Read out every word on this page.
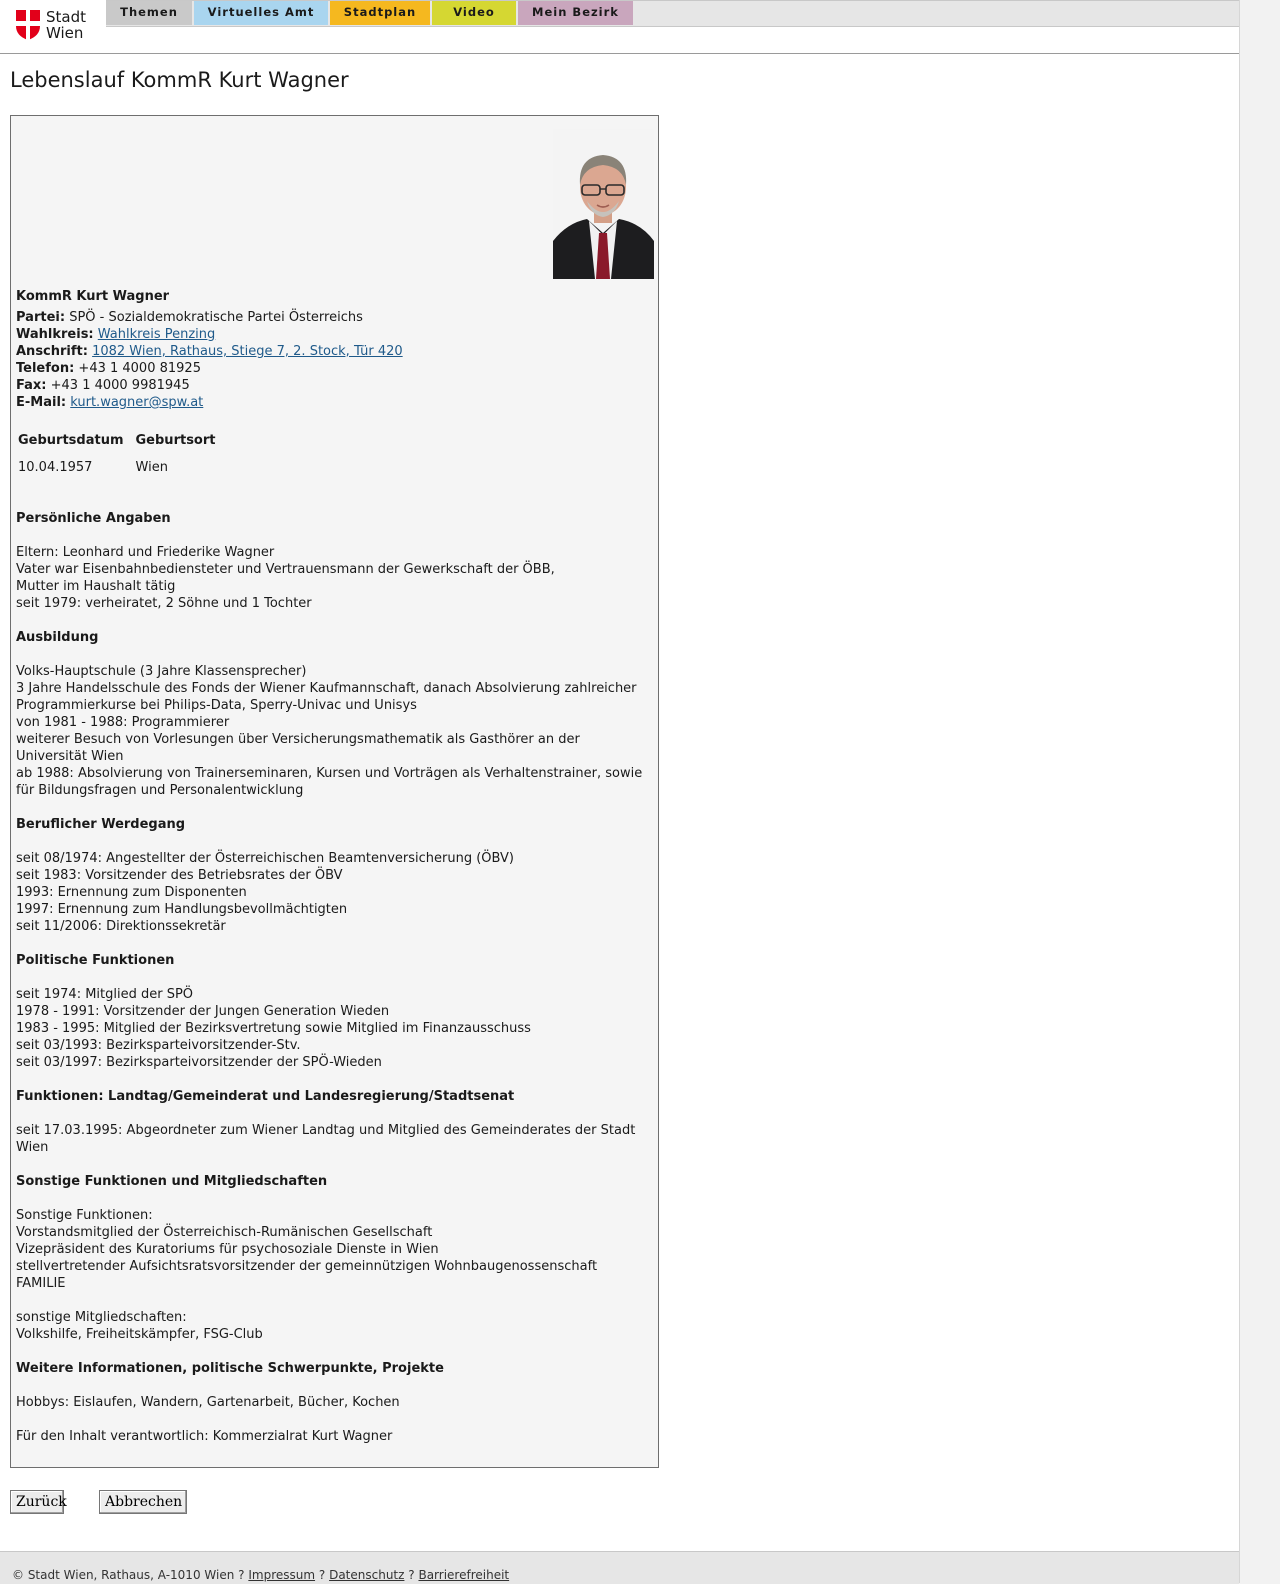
Stadt
Wien
Themen	Virtuelles Amt	Stadtplan	Video	Mein Bezirk
Lebenslauf KommR Kurt Wagner
KommR Kurt Wagner
Partei: SPÖ - Sozialdemokratische Partei Österreichs
Wahlkreis: Wahlkreis Penzing
Anschrift: 1082 Wien, Rathaus, Stiege 7, 2. Stock, Tür 420
Telefon: +43 1 4000 81925
Fax: +43 1 4000 9981945
E-Mail: kurt.wagner@spw.at
Geburtsdatum	Geburtsort
10.04.1957	Wien
Persönliche Angaben
Eltern: Leonhard und Friederike Wagner
Vater war Eisenbahnbediensteter und Vertrauensmann der Gewerkschaft der ÖBB,
Mutter im Haushalt tätig
seit 1979: verheiratet, 2 Söhne und 1 Tochter
Ausbildung
Volks-Hauptschule (3 Jahre Klassensprecher)
3 Jahre Handelsschule des Fonds der Wiener Kaufmannschaft, danach Absolvierung zahlreicher Programmierkurse bei Philips-Data, Sperry-Univac und Unisys
von 1981 - 1988: Programmierer
weiterer Besuch von Vorlesungen über Versicherungsmathematik als Gasthörer an der Universität Wien
ab 1988: Absolvierung von Trainerseminaren, Kursen und Vorträgen als Verhaltenstrainer, sowie für Bildungsfragen und Personalentwicklung
Beruflicher Werdegang
seit 08/1974: Angestellter der Österreichischen Beamtenversicherung (ÖBV)
seit 1983: Vorsitzender des Betriebsrates der ÖBV
1993: Ernennung zum Disponenten
1997: Ernennung zum Handlungsbevollmächtigten
seit 11/2006: Direktionssekretär
Politische Funktionen
seit 1974: Mitglied der SPÖ
1978 - 1991: Vorsitzender der Jungen Generation Wieden
1983 - 1995: Mitglied der Bezirksvertretung sowie Mitglied im Finanzausschuss
seit 03/1993: Bezirksparteivorsitzender-Stv.
seit 03/1997: Bezirksparteivorsitzender der SPÖ-Wieden
Funktionen: Landtag/Gemeinderat und Landesregierung/Stadtsenat
seit 17.03.1995: Abgeordneter zum Wiener Landtag und Mitglied des Gemeinderates der Stadt Wien
Sonstige Funktionen und Mitgliedschaften
Sonstige Funktionen:
Vorstandsmitglied der Österreichisch-Rumänischen Gesellschaft
Vizepräsident des Kuratoriums für psychosoziale Dienste in Wien
stellvertretender Aufsichtsratsvorsitzender der gemeinnützigen Wohnbaugenossenschaft FAMILIE

sonstige Mitgliedschaften:
Volkshilfe, Freiheitskämpfer, FSG-Club
Weitere Informationen, politische Schwerpunkte, Projekte
Hobbys: Eislaufen, Wandern, Gartenarbeit, Bücher, Kochen

Für den Inhalt verantwortlich: Kommerzialrat Kurt Wagner
Zurück	Abbrechen
© Stadt Wien, Rathaus, A-1010 Wien ? Impressum ? Datenschutz ? Barrierefreiheit
